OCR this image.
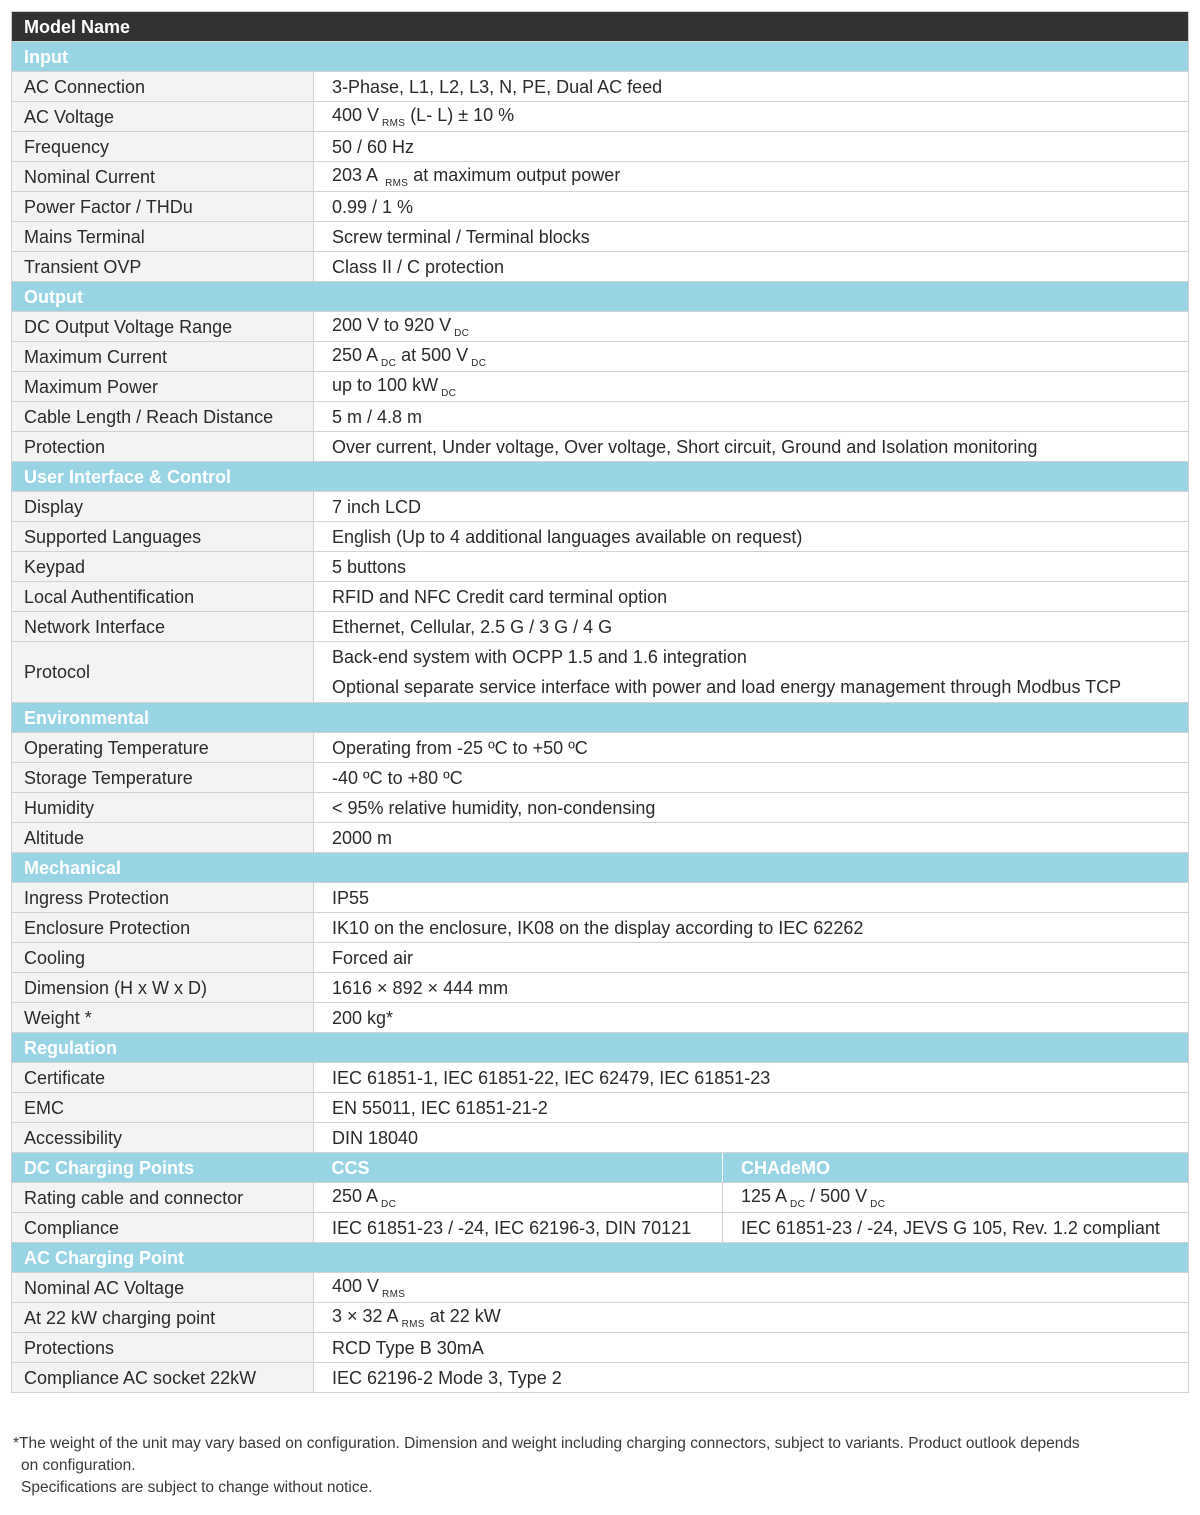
Model Name		
Input		
AC Connection	3-Phase, L1, L2, L3, N, PE, Dual AC feed	
AC Voltage	400 V $_{RMS}$ (L- L) ± 10 %	
Frequency	50 / 60 Hz	
Nominal Current	203 A $_{RMS}$ at maximum output power	
Power Factor / THDu	0.99 / 1 %	
Mains Terminal	Screw terminal / Terminal blocks	
Transient OVP	Class II / C protection	
Output		
DC Output Voltage Range	200 V to 920 V $_{DC}$
Maximum Current	250 A $_{DC}$ at 500 V $_{DC}$
Maximum Power	up to 100 kW $_{DC}$
Cable Length / Reach Distance	5 m / 4.8 m	
Protection	Over current, Under voltage, Over voltage, Short circuit, Ground and Isolation monitoring	
User Interface & Control		
Display	7 inch LCD	
Supported Languages	English (Up to 4 additional languages available on request)	
Keypad	5 buttons	
Local Authentification	RFID and NFC Credit card terminal option	
Network Interface	Ethernet, Cellular, 2.5 G / 3 G / 4 G	
Protocol	Back-end system with OCPP 1.5 and 1.6 integration
Optional separate service interface with power and load energy management through Modbus TCP	

Environmental		
Operating Temperature	Operating from -25 ºC to +50 ºC	
Storage Temperature	-40 ºC to +80 ºC	
Humidity	< 95% relative humidity, non-condensing	
Altitude	2000 m	
Mechanical		
Ingress Protection	IP55	
Enclosure Protection	IK10 on the enclosure, IK08 on the display according to IEC 62262	
Cooling	Forced air	
Dimension (H x W x D)	1616 × 892 × 444 mm	
Weight *	200 kg*	
Regulation		
Certificate	IEC 61851-1, IEC 61851-22, IEC 62479, IEC 61851-23	
EMC	EN 55011, IEC 61851-21-2	
Accessibility	DIN 18040	
DC Charging Points	CCS	CHAdeMO
Rating cable and connector	250 A $_{DC}$	125 A $_{DC}$ / 500 V $_{DC}$
Compliance	IEC 61851-23 / -24, IEC 62196-3, DIN 70121	IEC 61851-23 / -24, JEVS G 105, Rev. 1.2 compliant
AC Charging Point		
Nominal AC Voltage	400 V $_{RMS}$
At 22 kW charging point	3 × 32 A $_{RMS}$ at 22 kW	
Protections	RCD Type B 30mA	
Compliance AC socket 22kW	IEC 62196-2 Mode 3, Type 2	

*The weight of the unit may vary based on configuration. Dimension and weight including charging connectors, subject to variants. Product outlook depends

on configuration.

Specifications are subject to change without notice.
